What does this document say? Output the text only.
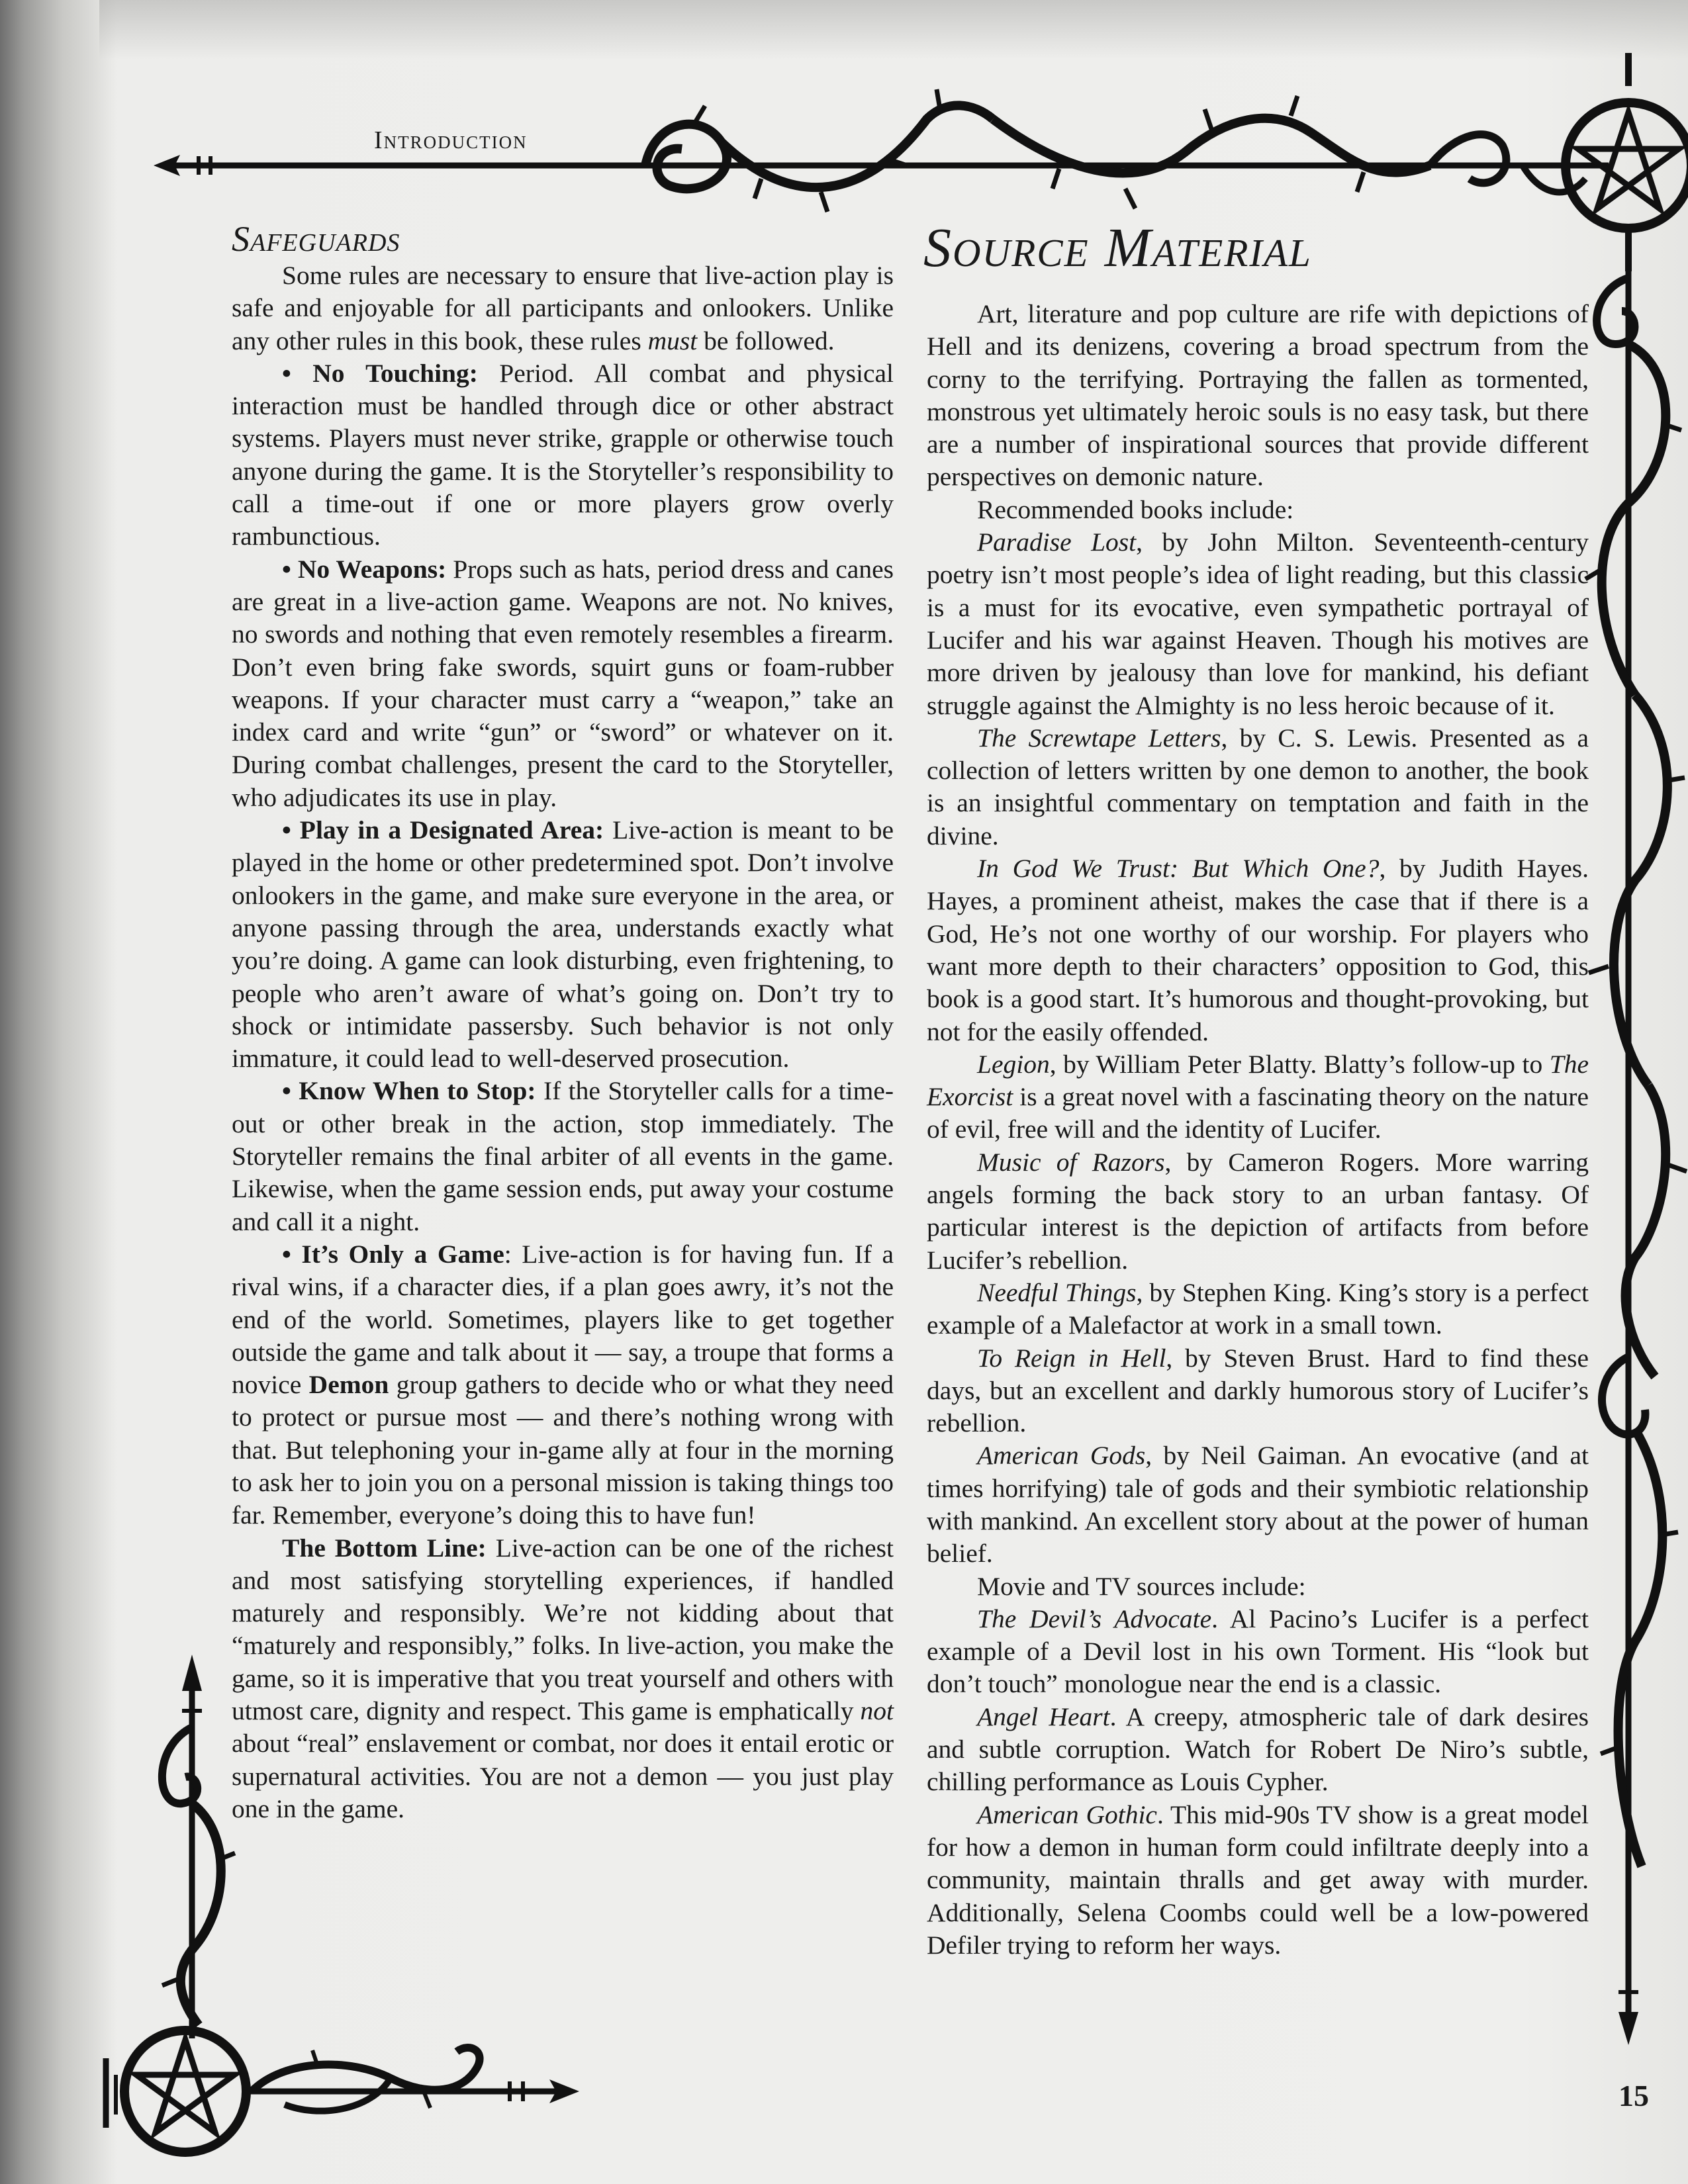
Introduction
Safeguards

Some rules are necessary to ensure that live-action play is safe and enjoyable for all participants and onlookers. Unlike any other rules in this book, these rules must be followed.

• No Touching: Period. All combat and physical interaction must be handled through dice or other abstract systems. Players must never strike, grapple or otherwise touch anyone during the game. It is the Storyteller’s responsibility to call a time-out if one or more players grow overly rambunctious.

• No Weapons: Props such as hats, period dress and canes are great in a live-action game. Weapons are not. No knives, no swords and nothing that even remotely resembles a firearm. Don’t even bring fake swords, squirt guns or foam-rubber weapons. If your character must carry a “weapon,” take an index card and write “gun” or “sword” or whatever on it. During combat challenges, present the card to the Storyteller, who adjudicates its use in play.

• Play in a Designated Area: Live-action is meant to be played in the home or other predetermined spot. Don’t involve onlookers in the game, and make sure everyone in the area, or anyone passing through the area, understands exactly what you’re doing. A game can look disturbing, even frightening, to people who aren’t aware of what’s going on. Don’t try to shock or intimidate passersby. Such behavior is not only immature, it could lead to well-deserved prosecution.

• Know When to Stop: If the Storyteller calls for a time-out or other break in the action, stop immediately. The Storyteller remains the final arbiter of all events in the game. Likewise, when the game session ends, put away your costume and call it a night.

• It’s Only a Game: Live-action is for having fun. If a rival wins, if a character dies, if a plan goes awry, it’s not the end of the world. Sometimes, players like to get together outside the game and talk about it — say, a troupe that forms a novice Demon group gathers to decide who or what they need to protect or pursue most — and there’s nothing wrong with that. But telephoning your in-game ally at four in the morning to ask her to join you on a personal mission is taking things too far. Remember, everyone’s doing this to have fun!

The Bottom Line: Live-action can be one of the richest and most satisfying storytelling experiences, if handled maturely and responsibly. We’re not kidding about that “maturely and responsibly,” folks. In live-action, you make the game, so it is imperative that you treat yourself and others with utmost care, dignity and respect. This game is emphatically not about “real” enslavement or combat, nor does it entail erotic or supernatural activities. You are not a demon — you just play one in the game.

Source Material

Art, literature and pop culture are rife with depictions of Hell and its denizens, covering a broad spectrum from the corny to the terrifying. Portraying the fallen as tormented, monstrous yet ultimately heroic souls is no easy task, but there are a number of inspirational sources that provide different perspectives on demonic nature.

Recommended books include:

Paradise Lost, by John Milton. Seventeenth-century poetry isn’t most people’s idea of light reading, but this classic is a must for its evocative, even sympathetic portrayal of Lucifer and his war against Heaven. Though his motives are more driven by jealousy than love for mankind, his defiant struggle against the Almighty is no less heroic because of it.

The Screwtape Letters, by C. S. Lewis. Presented as a collection of letters written by one demon to another, the book is an insightful commentary on temptation and faith in the divine.

In God We Trust: But Which One?, by Judith Hayes. Hayes, a prominent atheist, makes the case that if there is a God, He’s not one worthy of our worship. For players who want more depth to their characters’ opposition to God, this book is a good start. It’s humorous and thought-provoking, but not for the easily offended.

Legion, by William Peter Blatty. Blatty’s follow-up to The Exorcist is a great novel with a fascinating theory on the nature of evil, free will and the identity of Lucifer.

Music of Razors, by Cameron Rogers. More warring angels forming the back story to an urban fantasy. Of particular interest is the depiction of artifacts from before Lucifer’s rebellion.

Needful Things, by Stephen King. King’s story is a perfect example of a Malefactor at work in a small town.

To Reign in Hell, by Steven Brust. Hard to find these days, but an excellent and darkly humorous story of Lucifer’s rebellion.

American Gods, by Neil Gaiman. An evocative (and at times horrifying) tale of gods and their symbiotic relationship with mankind. An excellent story about at the power of human belief.

Movie and TV sources include:

The Devil’s Advocate. Al Pacino’s Lucifer is a perfect example of a Devil lost in his own Torment. His “look but don’t touch” monologue near the end is a classic.

Angel Heart. A creepy, atmospheric tale of dark desires and subtle corruption. Watch for Robert De Niro’s subtle, chilling performance as Louis Cypher.

American Gothic. This mid-90s TV show is a great model for how a demon in human form could infiltrate deeply into a community, maintain thralls and get away with murder. Additionally, Selena Coombs could well be a low-powered Defiler trying to reform her ways.

15
